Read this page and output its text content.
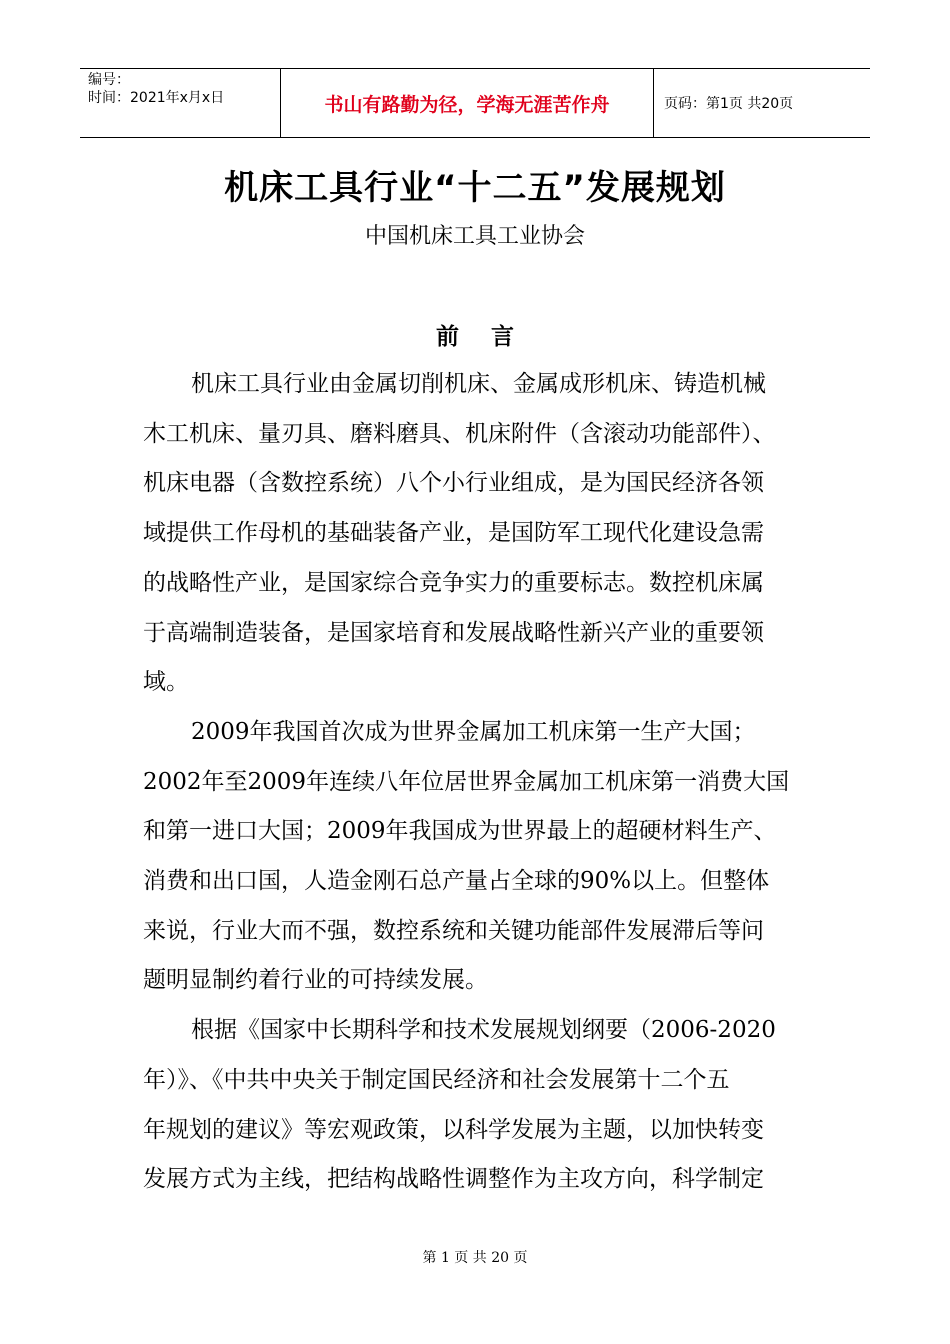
编号：
时间：2021年x月x日	书山有路勤为径，学海无涯苦作舟	页码：第1页 共20页
机床工具行业“十二五”发展规划
中国机床工具工业协会
前言

机床工具行业由金属切削机床、金属成形机床、铸造机械
木工机床、量刃具、磨料磨具、机床附件（含滚动功能部件）、
机床电器（含数控系统）八个小行业组成，是为国民经济各领
域提供工作母机的基础装备产业，是国防军工现代化建设急需
的战略性产业，是国家综合竞争实力的重要标志。数控机床属
于高端制造装备，是国家培育和发展战略性新兴产业的重要领
域。

2009年我国首次成为世界金属加工机床第一生产大国；
2002年至2009年连续八年位居世界金属加工机床第一消费大国
和第一进口大国；2009年我国成为世界最上的超硬材料生产、
消费和出口国，人造金刚石总产量占全球的90%以上。但整体
来说，行业大而不强，数控系统和关键功能部件发展滞后等问
题明显制约着行业的可持续发展。

根据《国家中长期科学和技术发展规划纲要（2006-2020
年）》、《中共中央关于制定国民经济和社会发展第十二个五
年规划的建议》等宏观政策，以科学发展为主题，以加快转变
发展方式为主线，把结构战略性调整作为主攻方向，科学制定

第 1 页 共 20 页
